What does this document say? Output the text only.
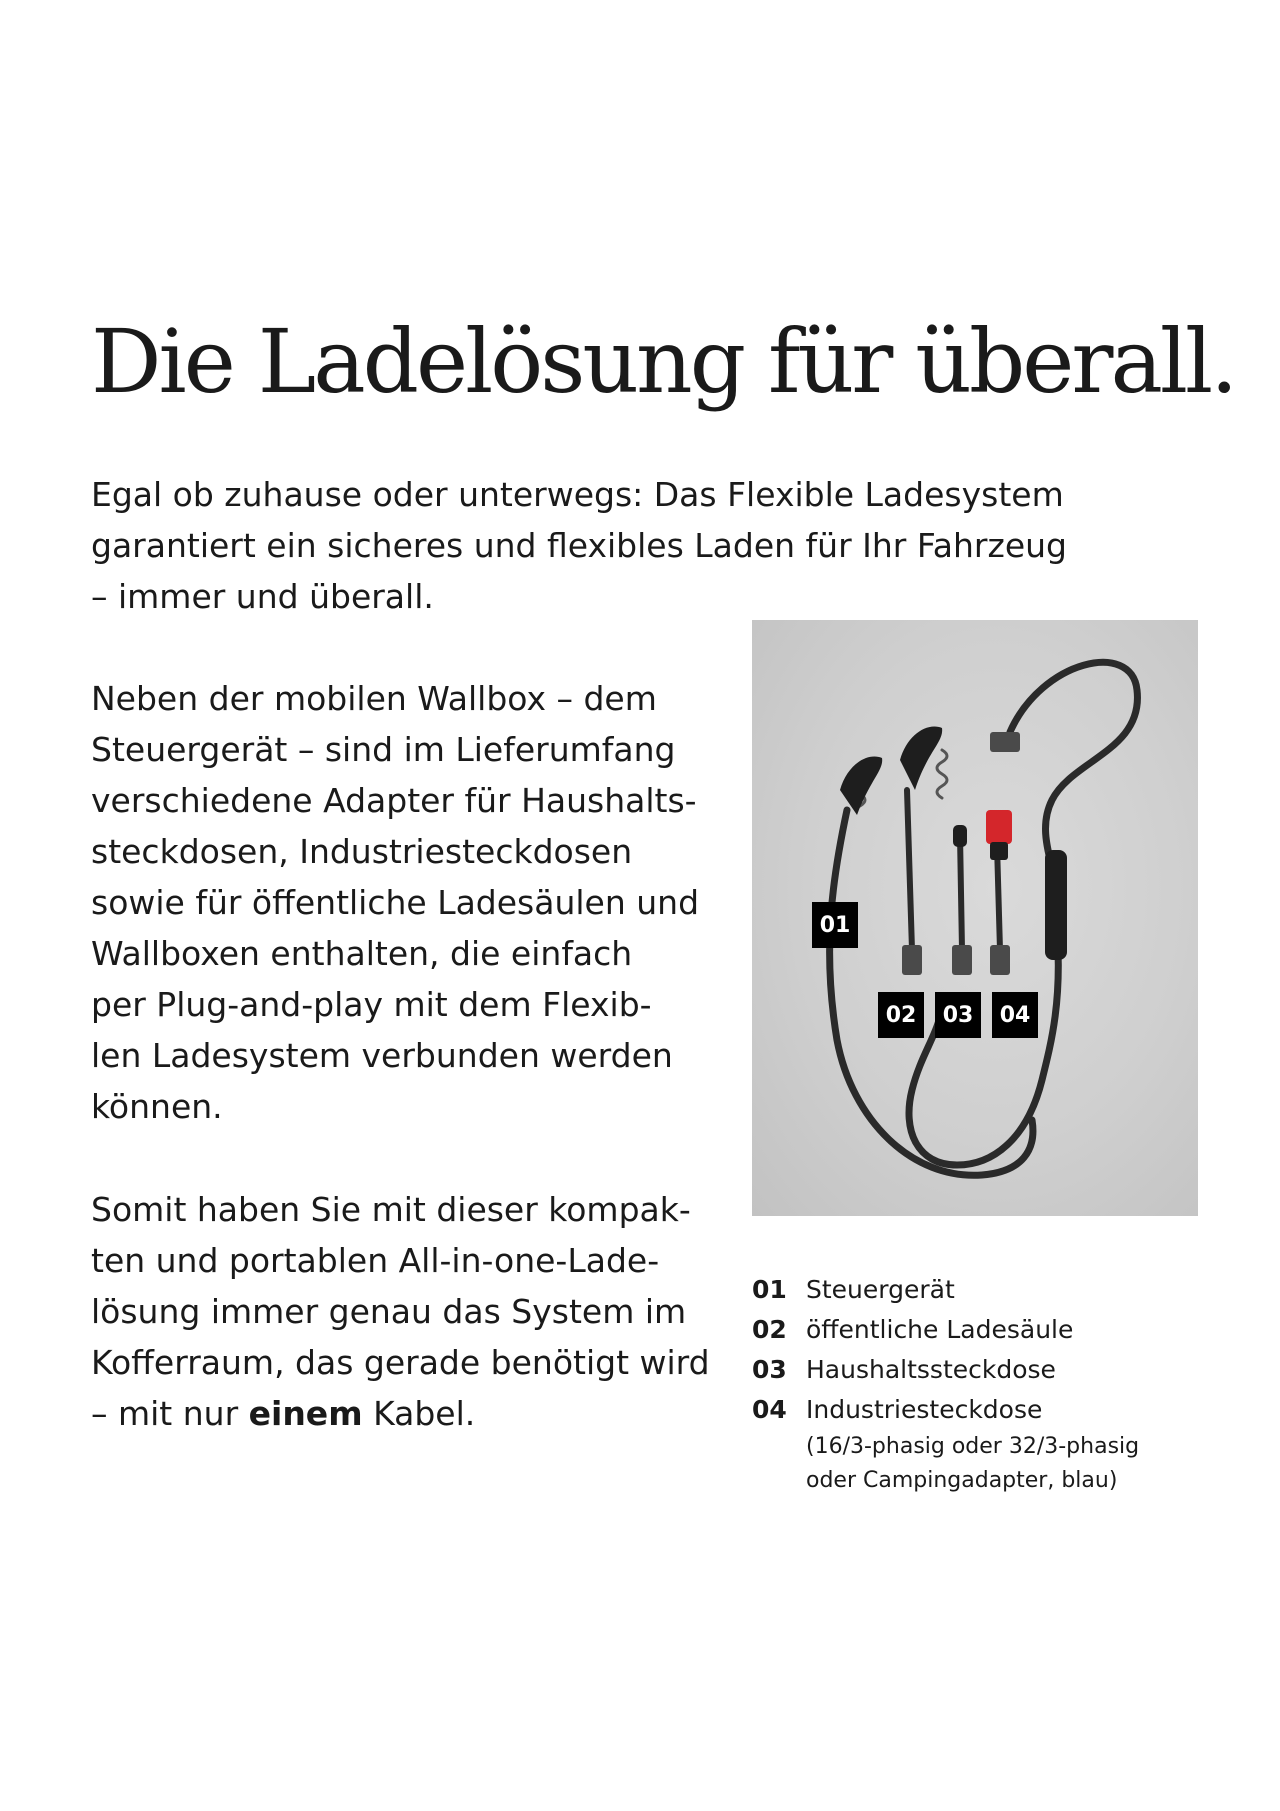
Die Ladelösung für überall.

Egal ob zuhause oder unterwegs: Das Flexible Ladesystem
garantiert ein sicheres und flexibles Laden für Ihr Fahrzeug
– immer und überall.

Neben der mobilen Wallbox – dem
Steuergerät – sind im Lieferumfang
verschiedene Adapter für Haushalts-
steckdosen, Industriesteckdosen
sowie für öffentliche Ladesäulen und
Wallboxen enthalten, die einfach
per Plug-and-play mit dem Flexib-
len Ladesystem verbunden werden
können.

Somit haben Sie mit dieser kompak-
ten und portablen All-in-one-Lade-
lösung immer genau das System im
Kofferraum, das gerade benötigt wird
– mit nur einem Kabel.

01
02	03	04
01 Steuergerät
02 öffentliche Ladesäule
03 Haushaltssteckdose
04 Industriesteckdose
(16/3-phasig oder 32/3-phasig
oder Campingadapter, blau)
